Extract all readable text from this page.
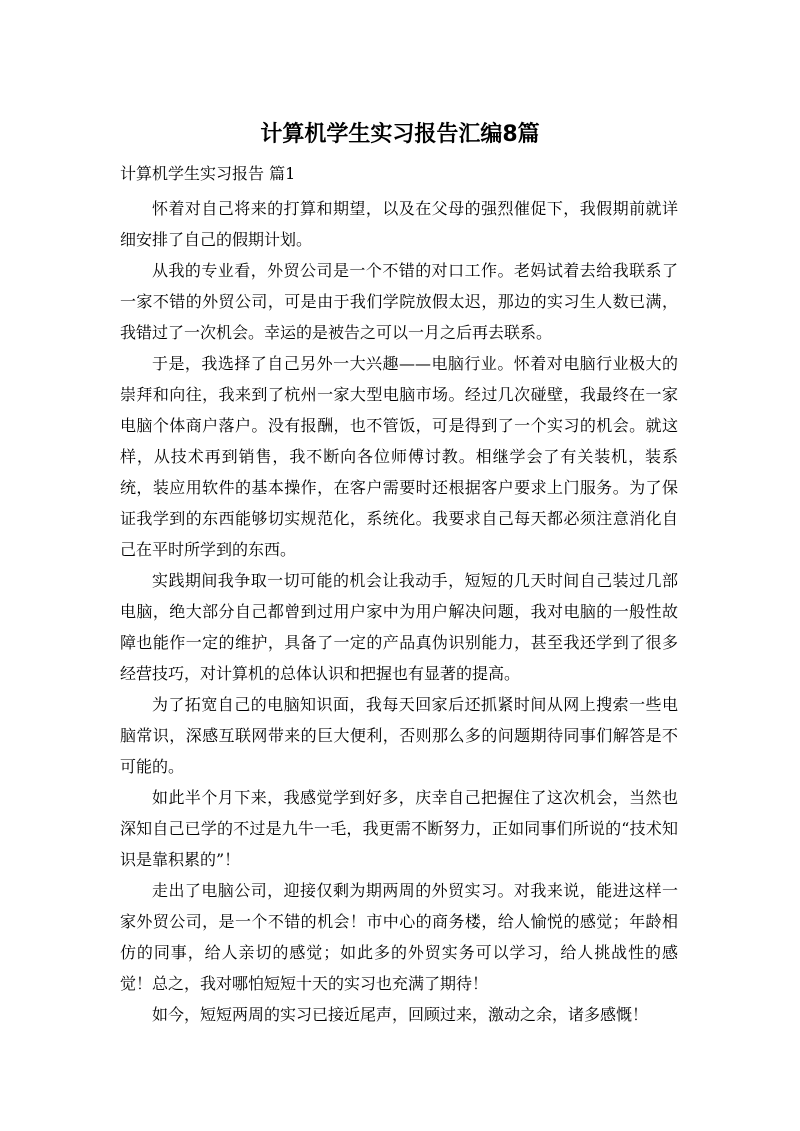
计算机学生实习报告汇编8篇

计算机学生实习报告 篇1

怀着对自己将来的打算和期望，以及在父母的强烈催促下，我假期前就详细安排了自己的假期计划。

从我的专业看，外贸公司是一个不错的对口工作。老妈试着去给我联系了一家不错的外贸公司，可是由于我们学院放假太迟，那边的实习生人数已满，我错过了一次机会。幸运的是被告之可以一月之后再去联系。

于是，我选择了自己另外一大兴趣——电脑行业。怀着对电脑行业极大的崇拜和向往，我来到了杭州一家大型电脑市场。经过几次碰壁，我最终在一家电脑个体商户落户。没有报酬，也不管饭，可是得到了一个实习的机会。就这样，从技术再到销售，我不断向各位师傅讨教。相继学会了有关装机，装系统，装应用软件的基本操作，在客户需要时还根据客户要求上门服务。为了保证我学到的东西能够切实规范化，系统化。我要求自己每天都必须注意消化自己在平时所学到的东西。

实践期间我争取一切可能的机会让我动手，短短的几天时间自己装过几部电脑，绝大部分自己都曾到过用户家中为用户解决问题，我对电脑的一般性故障也能作一定的维护，具备了一定的产品真伪识别能力，甚至我还学到了很多经营技巧，对计算机的总体认识和把握也有显著的提高。

为了拓宽自己的电脑知识面，我每天回家后还抓紧时间从网上搜索一些电脑常识，深感互联网带来的巨大便利，否则那么多的问题期待同事们解答是不可能的。

如此半个月下来，我感觉学到好多，庆幸自己把握住了这次机会，当然也深知自己已学的不过是九牛一毛，我更需不断努力，正如同事们所说的“技术知识是靠积累的”！

走出了电脑公司，迎接仅剩为期两周的外贸实习。对我来说，能进这样一家外贸公司，是一个不错的机会！市中心的商务楼，给人愉悦的感觉；年龄相仿的同事，给人亲切的感觉；如此多的外贸实务可以学习，给人挑战性的感觉！总之，我对哪怕短短十天的实习也充满了期待！

如今，短短两周的实习已接近尾声，回顾过来，激动之余，诸多感慨！
